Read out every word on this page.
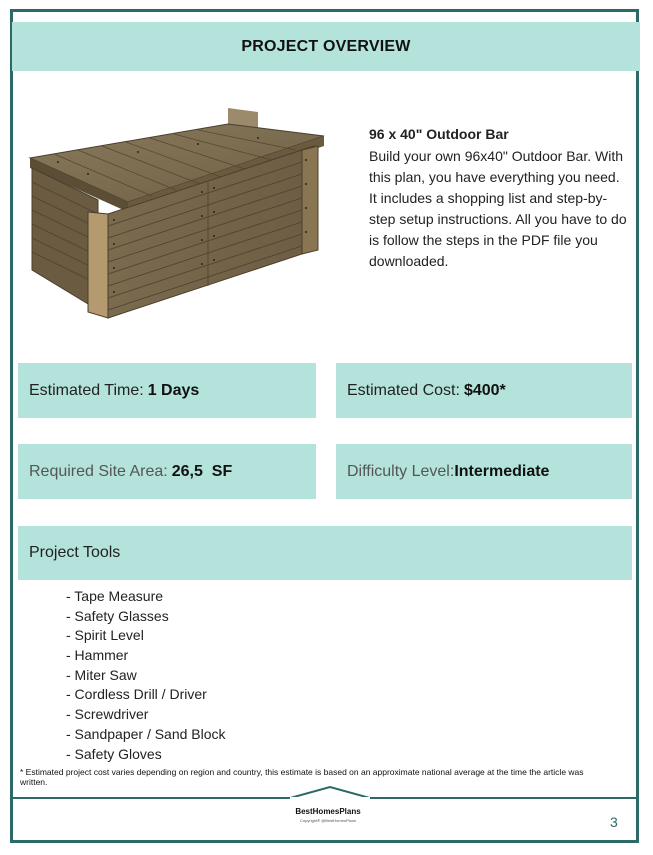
PROJECT OVERVIEW
96 x 40" Outdoor Bar
Build your own 96x40" Outdoor Bar. With this plan, you have everything you need. It includes a shopping list and step-by-step setup instructions. All you have to do is follow the steps in the PDF file you downloaded.
Estimated Time: 1 Days	Estimated Cost: $400*
Required Site Area: 26,5  SF	Difficulty Level: Intermediate
Project Tools
- Tape Measure
- Safety Glasses
- Spirit Level
- Hammer
- Miter Saw
- Cordless Drill / Driver
- Screwdriver
- Sandpaper / Sand Block
- Safety Gloves
* Estimated project cost varies depending on region and country, this estimate is based on an approximate national average at the time the article was written.
BestHomesPlans
Copyright® @BestHomesPlans	3
